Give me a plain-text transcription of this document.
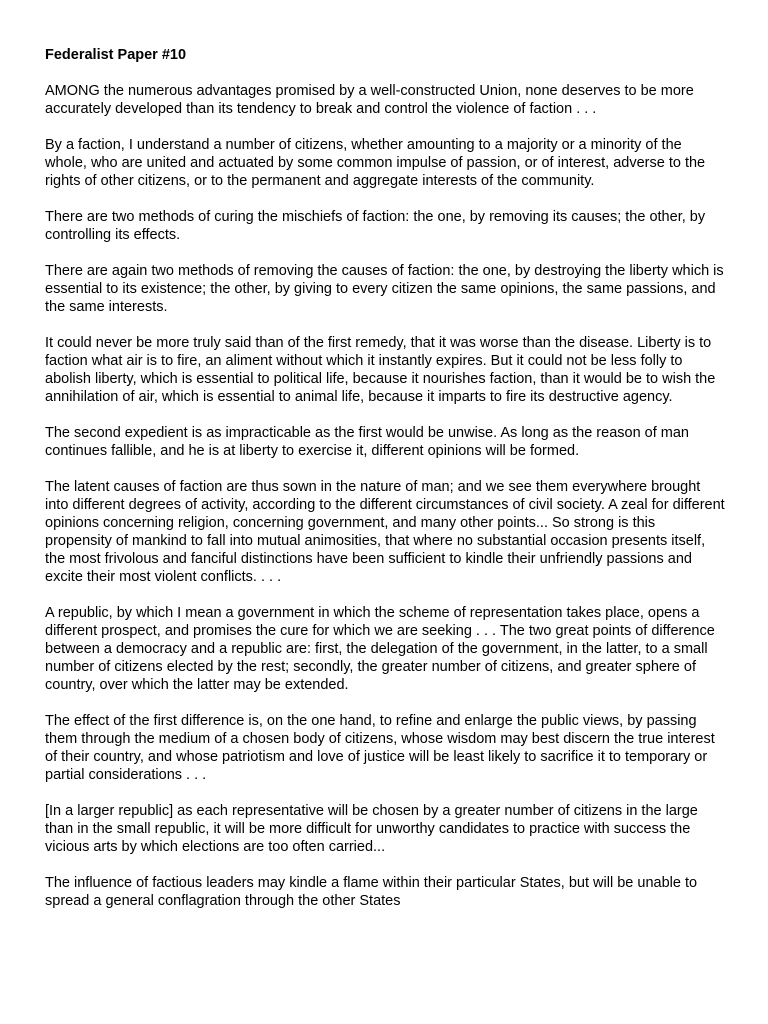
Federalist Paper #10

AMONG the numerous advantages promised by a well-constructed Union, none deserves to be more accurately developed than its tendency to break and control the violence of faction . . .

By a faction, I understand a number of citizens, whether amounting to a majority or a minority of the whole, who are united and actuated by some common impulse of passion, or of interest, adverse to the rights of other citizens, or to the permanent and aggregate interests of the community.

There are two methods of curing the mischiefs of faction: the one, by removing its causes; the other, by controlling its effects.

There are again two methods of removing the causes of faction: the one, by destroying the liberty which is essential to its existence; the other, by giving to every citizen the same opinions, the same passions, and the same interests.

It could never be more truly said than of the first remedy, that it was worse than the disease. Liberty is to faction what air is to fire, an aliment without which it instantly expires. But it could not be less folly to abolish liberty, which is essential to political life, because it nourishes faction, than it would be to wish the annihilation of air, which is essential to animal life, because it imparts to fire its destructive agency.

The second expedient is as impracticable as the first would be unwise. As long as the reason of man continues fallible, and he is at liberty to exercise it, different opinions will be formed.

The latent causes of faction are thus sown in the nature of man; and we see them everywhere brought into different degrees of activity, according to the different circumstances of civil society. A zeal for different opinions concerning religion, concerning government, and many other points... So strong is this propensity of mankind to fall into mutual animosities, that where no substantial occasion presents itself, the most frivolous and fanciful distinctions have been sufficient to kindle their unfriendly passions and excite their most violent conflicts. . . .

A republic, by which I mean a government in which the scheme of representation takes place, opens a different prospect, and promises the cure for which we are seeking . . . The two great points of difference between a democracy and a republic are: first, the delegation of the government, in the latter, to a small number of citizens elected by the rest; secondly, the greater number of citizens, and greater sphere of country, over which the latter may be extended.

The effect of the first difference is, on the one hand, to refine and enlarge the public views, by passing them through the medium of a chosen body of citizens, whose wisdom may best discern the true interest of their country, and whose patriotism and love of justice will be least likely to sacrifice it to temporary or partial considerations . . .

[In a larger republic] as each representative will be chosen by a greater number of citizens in the large than in the small republic, it will be more difficult for unworthy candidates to practice with success the vicious arts by which elections are too often carried...

The influence of factious leaders may kindle a flame within their particular States, but will be unable to spread a general conflagration through the other States
